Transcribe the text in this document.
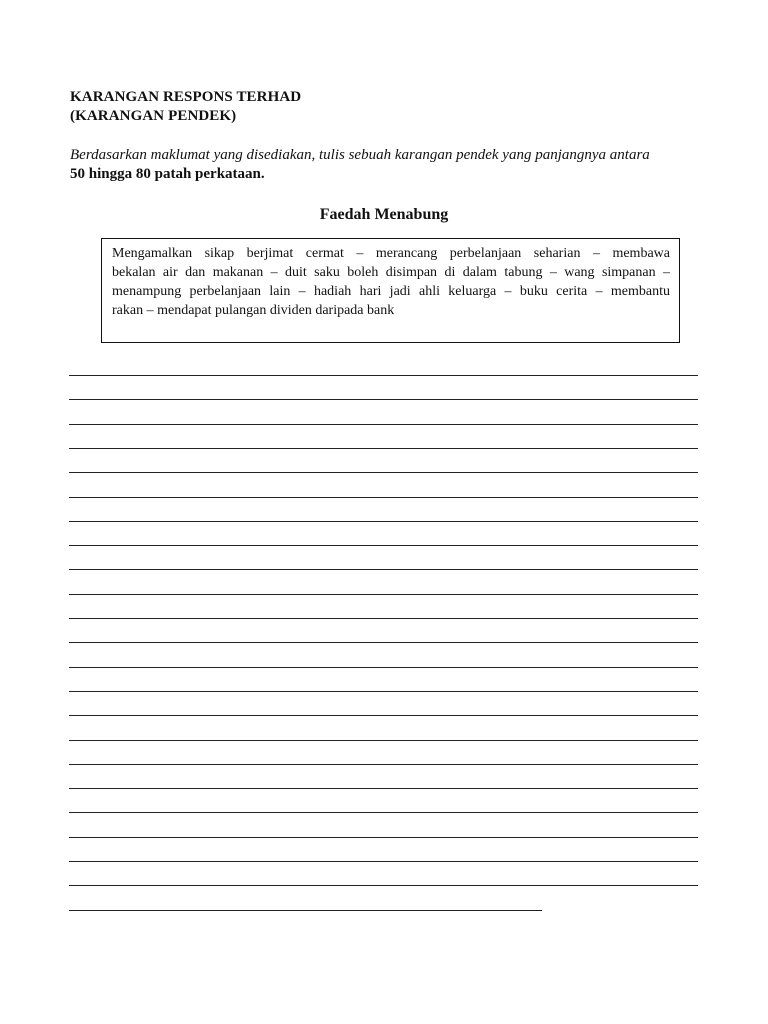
KARANGAN RESPONS TERHAD
(KARANGAN PENDEK)
Berdasarkan maklumat yang disediakan, tulis sebuah karangan pendek yang panjangnya antara
50 hingga 80 patah perkataan.
Faedah Menabung
Mengamalkan sikap berjimat cermat – merancang perbelanjaan seharian – membawa
bekalan air dan makanan – duit saku boleh disimpan di dalam tabung – wang simpanan –
menampung perbelanjaan lain – hadiah hari jadi ahli keluarga – buku cerita – membantu
rakan – mendapat pulangan dividen daripada bank
